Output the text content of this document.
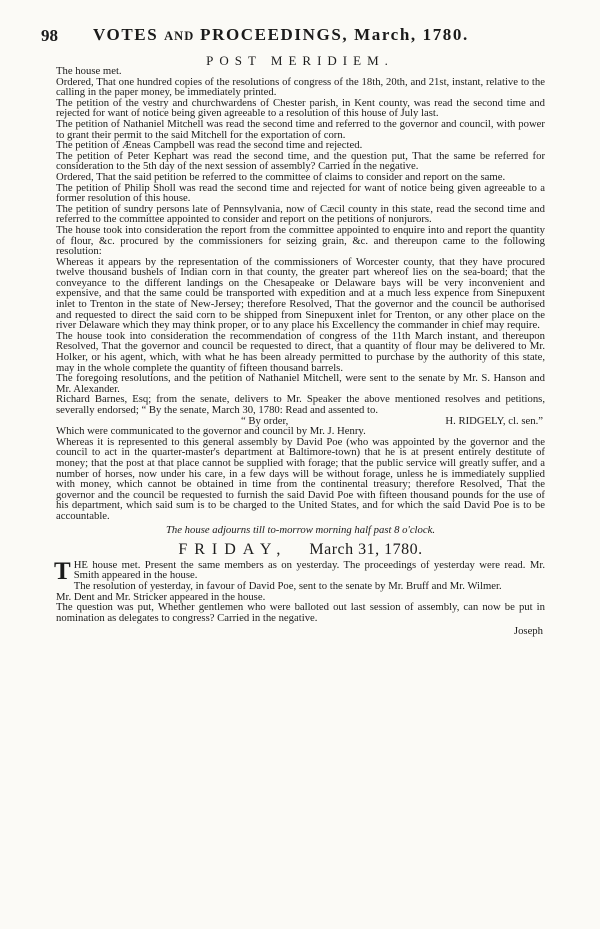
98 VOTES AND PROCEEDINGS, March, 1780.
POST MERIDIEM.

The house met.

Ordered, That one hundred copies of the resolutions of congress of the 18th, 20th, and 21st, instant, relative to the calling in the paper money, be immediately printed.

The petition of the vestry and churchwardens of Chester parish, in Kent county, was read the second time and rejected for want of notice being given agreeable to a resolution of this house of July last.

The petition of Nathaniel Mitchell was read the second time and referred to the governor and council, with power to grant their permit to the said Mitchell for the exportation of corn.

The petition of Æneas Campbell was read the second time and rejected.

The petition of Peter Kephart was read the second time, and the question put, That the same be referred for consideration to the 5th day of the next session of assembly? Carried in the negative.

Ordered, That the said petition be referred to the committee of claims to consider and report on the same.

The petition of Philip Sholl was read the second time and rejected for want of notice being given agreeable to a former resolution of this house.

The petition of sundry persons late of Pennsylvania, now of Cæcil county in this state, read the second time and referred to the committee appointed to consider and report on the petitions of nonjurors.

The house took into consideration the report from the committee appointed to enquire into and report the quantity of flour, &c. procured by the commissioners for seizing grain, &c. and thereupon came to the following resolution:

Whereas it appears by the representation of the commissioners of Worcester county, that they have procured twelve thousand bushels of Indian corn in that county, the greater part whereof lies on the sea-board; that the conveyance to the different landings on the Chesapeake or Delaware bays will be very inconvenient and expensive, and that the same could be transported with expedition and at a much less expence from Sinepuxent inlet to Trenton in the state of New-Jersey; therefore Resolved, That the governor and the council be authorised and requested to direct the said corn to be shipped from Sinepuxent inlet for Trenton, or any other place on the river Delaware which they may think proper, or to any place his Excellency the commander in chief may require.

The house took into consideration the recommendation of congress of the 11th March instant, and thereupon Resolved, That the governor and council be requested to direct, that a quantity of flour may be delivered to Mr. Holker, or his agent, which, with what he has been already permitted to purchase by the authority of this state, may in the whole complete the quantity of fifteen thousand barrels.

The foregoing resolutions, and the petition of Nathaniel Mitchell, were sent to the senate by Mr. S. Hanson and Mr. Alexander.

Richard Barnes, Esq; from the senate, delivers to Mr. Speaker the above mentioned resolves and petitions, severally endorsed; “ By the senate, March 30, 1780: Read and assented to.

“ By order,	H. RIDGELY, cl. sen.”

Which were communicated to the governor and council by Mr. J. Henry.

Whereas it is represented to this general assembly by David Poe (who was appointed by the governor and the council to act in the quarter-master's department at Baltimore-town) that he is at present entirely destitute of money; that the post at that place cannot be supplied with forage; that the public service will greatly suffer, and a number of horses, now under his care, in a few days will be without forage, unless he is immediately supplied with money, which cannot be obtained in time from the continental treasury; therefore Resolved, That the governor and the council be requested to furnish the said David Poe with fifteen thousand pounds for the use of his department, which said sum is to be charged to the United States, and for which the said David Poe is to be accountable.

The house adjourns till to-morrow morning half past 8 o'clock.

FRIDAY, March 31, 1780.

THE house met. Present the same members as on yesterday. The proceedings of yesterday were read. Mr. Smith appeared in the house.

The resolution of yesterday, in favour of David Poe, sent to the senate by Mr. Bruff and Mr. Wilmer.

Mr. Dent and Mr. Stricker appeared in the house.

The question was put, Whether gentlemen who were balloted out last session of assembly, can now be put in nomination as delegates to congress? Carried in the negative.

Joseph
